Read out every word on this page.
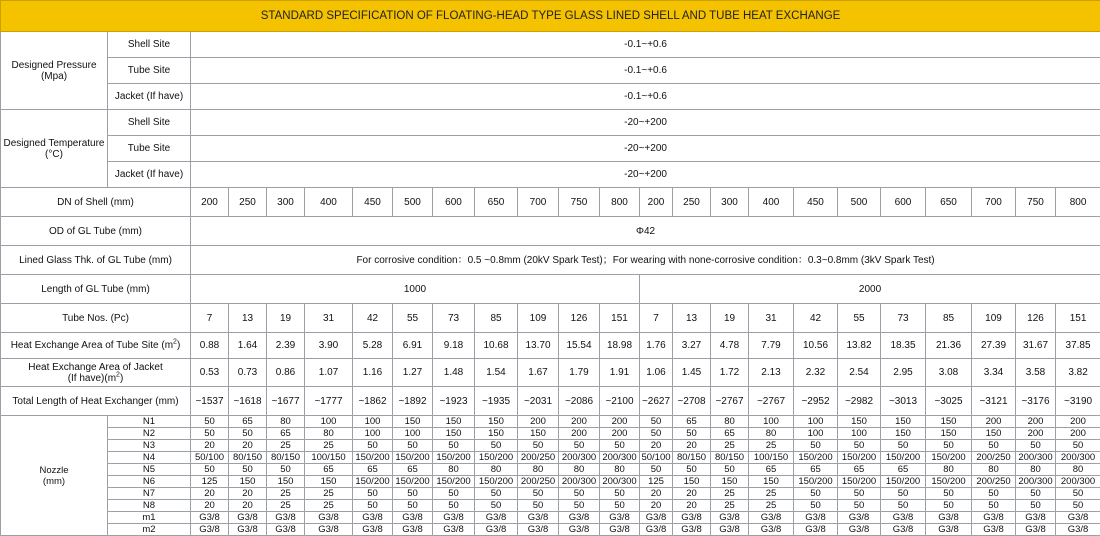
STANDARD SPECIFICATION OF FLOATING-HEAD TYPE GLASS LINED SHELL AND TUBE HEAT EXCHANGE																							
Designed Pressure
(Mpa)	Shell Site	-0.1~+0.6																					
	Tube Site	-0.1~+0.6																					
	Jacket (If have)	-0.1~+0.6																					
Designed Temperature
(°C)	Shell Site	-20~+200																					
	Tube Site	-20~+200																					
	Jacket (If have)	-20~+200																					
DN of Shell (mm)		200	250	300	400	450	500	600	650	700	750	800	200	250	300	400	450	500	600	650	700	750	800
OD of GL Tube (mm)		Φ42																					
Lined Glass Thk. of GL Tube (mm)		For corrosive condition：0.5 ~0.8mm (20kV Spark Test)；For wearing with none-corrosive condition：0.3~0.8mm (3kV Spark Test)																					
Length of GL Tube (mm)		1000											2000										
Tube Nos. (Pc)		7	13	19	31	42	55	73	85	109	126	151	7	13	19	31	42	55	73	85	109	126	151
Heat Exchange Area of Tube Site $(m^2)$		0.88	1.64	2.39	3.90	5.28	6.91	9.18	10.68	13.70	15.54	18.98	1.76	3.27	4.78	7.79	10.56	13.82	18.35	21.36	27.39	31.67	37.85
Heat Exchange Area of Jacket
(If $have)(m^2)$		0.53	0.73	0.86	1.07	1.16	1.27	1.48	1.54	1.67	1.79	1.91	1.06	1.45	1.72	2.13	2.32	2.54	2.95	3.08	3.34	3.58	3.82
Total Length of Heat Exchanger (mm)		~1537	~1618	~1677	~1777	~1862	~1892	~1923	~1935	~2031	~2086	~2100	~2627	~2708	~2767	~2767	~2952	~2982	~3013	~3025	~3121	~3176	~3190
Nozzle
(mm)	N1	50	65	80	100	100	150	150	150	200	200	200	50	65	80	100	100	150	150	150	200	200	200
	N2	50	50	65	80	100	100	150	150	150	200	200	50	50	65	80	100	100	150	150	150	200	200
	N3	20	20	25	25	50	50	50	50	50	50	50	20	20	25	25	50	50	50	50	50	50	50
	N4	50/100	80/150	80/150	100/150	150/200	150/200	150/200	150/200	200/250	200/300	200/300	50/100	80/150	80/150	100/150	150/200	150/200	150/200	150/200	200/250	200/300	200/300
	N5	50	50	50	65	65	65	80	80	80	80	80	50	50	50	65	65	65	65	80	80	80	80
	N6	125	150	150	150	150/200	150/200	150/200	150/200	200/250	200/300	200/300	125	150	150	150	150/200	150/200	150/200	150/200	200/250	200/300	200/300
	N7	20	20	25	25	50	50	50	50	50	50	50	20	20	25	25	50	50	50	50	50	50	50
	N8	20	20	25	25	50	50	50	50	50	50	50	20	20	25	25	50	50	50	50	50	50	50
	m1	G3/8	G3/8	G3/8	G3/8	G3/8	G3/8	G3/8	G3/8	G3/8	G3/8	G3/8	G3/8	G3/8	G3/8	G3/8	G3/8	G3/8	G3/8	G3/8	G3/8	G3/8	G3/8
	m2	G3/8	G3/8	G3/8	G3/8	G3/8	G3/8	G3/8	G3/8	G3/8	G3/8	G3/8	G3/8	G3/8	G3/8	G3/8	G3/8	G3/8	G3/8	G3/8	G3/8	G3/8	G3/8
